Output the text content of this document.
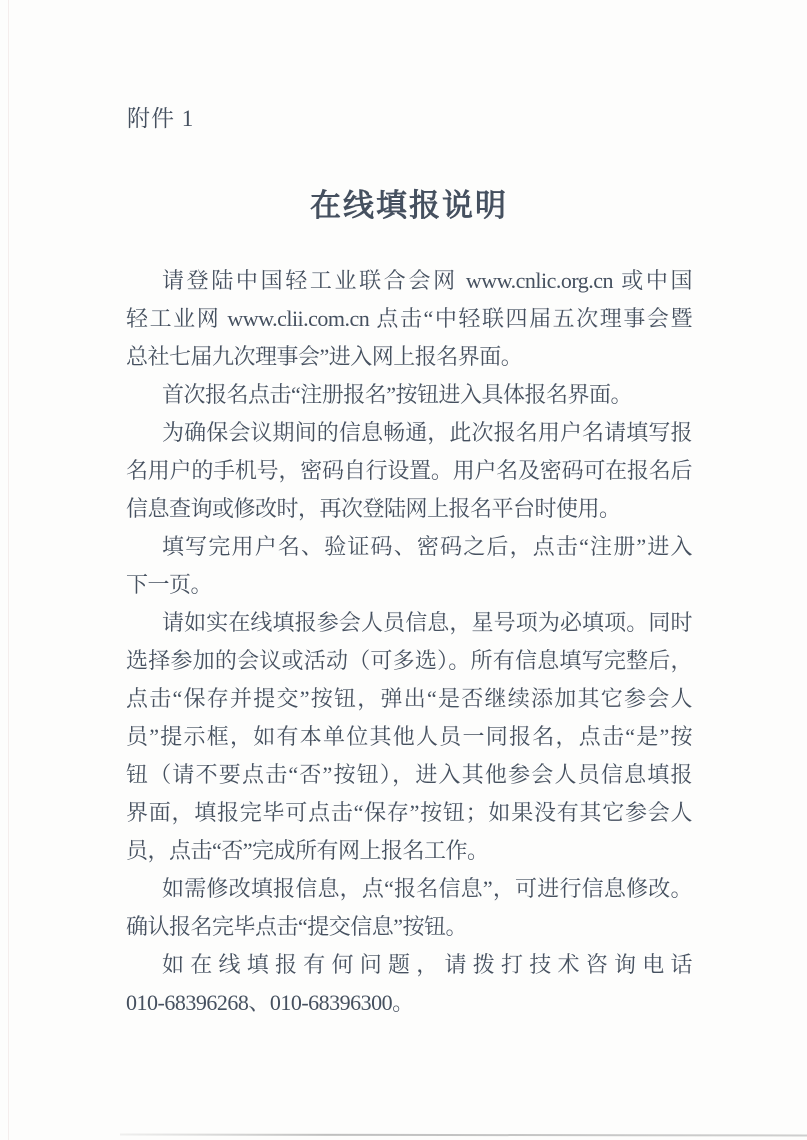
附件 1
在线填报说明
请登陆中国轻工业联合会网 www.cnlic.org.cn 或中国
轻工业网 www.clii.com.cn 点击“中轻联四届五次理事会暨
总社七届九次理事会”进入网上报名界面。
首次报名点击“注册报名”按钮进入具体报名界面。
为确保会议期间的信息畅通，此次报名用户名请填写报
名用户的手机号，密码自行设置。用户名及密码可在报名后
信息查询或修改时，再次登陆网上报名平台时使用。
填写完用户名、验证码、密码之后，点击“注册”进入
下一页。
请如实在线填报参会人员信息，星号项为必填项。同时
选择参加的会议或活动（可多选）。所有信息填写完整后，
点击“保存并提交”按钮，弹出“是否继续添加其它参会人
员”提示框，如有本单位其他人员一同报名，点击“是”按
钮（请不要点击“否”按钮），进入其他参会人员信息填报
界面，填报完毕可点击“保存”按钮；如果没有其它参会人
员，点击“否”完成所有网上报名工作。
如需修改填报信息，点“报名信息”，可进行信息修改。
确认报名完毕点击“提交信息”按钮。
如在线填报有何问题，请拨打技术咨询电话
010-68396268、010-68396300。
